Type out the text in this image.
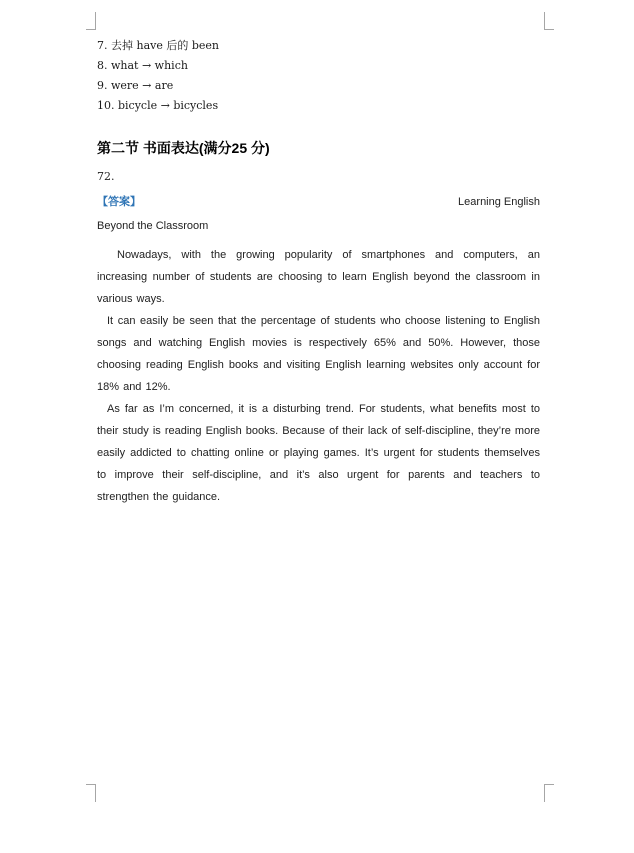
7. 去掉 have 后的 been
8. what → which
9. were → are
10. bicycle → bicycles
第二节 书面表达(满分25 分)
72.
【答案】	Learning English
Beyond the Classroom

Nowadays, with the growing popularity of smartphones and computers, an increasing number of students are choosing to learn English beyond the classroom in various ways.

It can easily be seen that the percentage of students who choose listening to English songs and watching English movies is respectively 65% and 50%. However, those choosing reading English books and visiting English learning websites only account for 18% and 12%.

As far as I’m concerned, it is a disturbing trend. For students, what benefits most to their study is reading English books. Because of their lack of self-discipline, they’re more easily addicted to chatting online or playing games. It’s urgent for students themselves to improve their self-discipline, and it’s also urgent for parents and teachers to strengthen the guidance.
